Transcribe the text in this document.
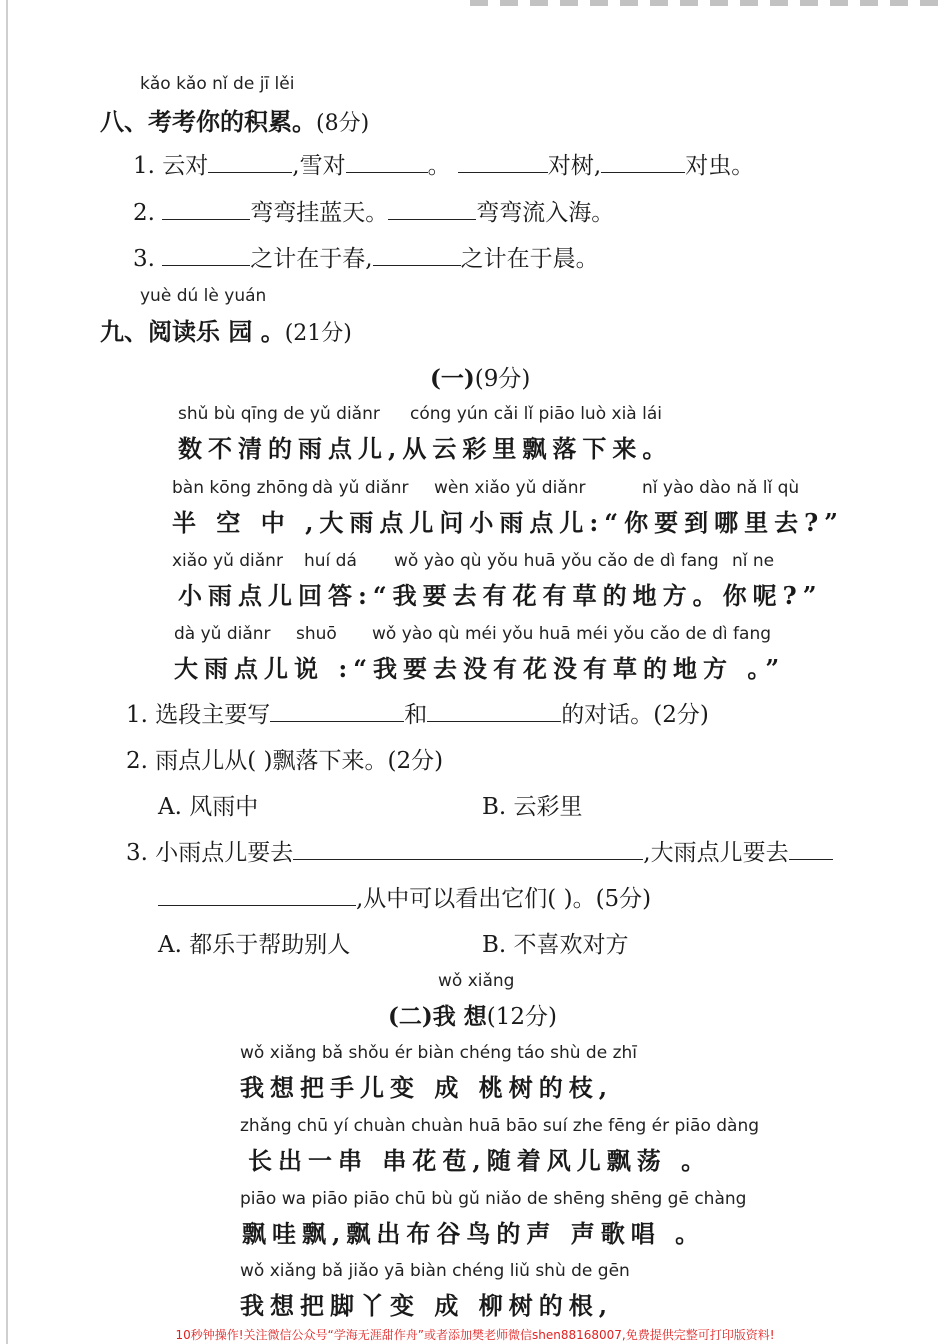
kǎo kǎo nǐ de jī lěi
八、考考你的积累。(8分)
1. 云对	,雪对	。	对树,	对虫。
2.	弯弯挂蓝天。	弯弯流入海。
3.	之计在于春,	之计在于晨。
yuè dú lè yuán
九、阅读乐 园 。(21分)
(一)(9分)
shǔ bù qīng de yǔ diǎnr cóng yún cǎi lǐ piāo luò xià lái
数不清的雨点儿,从云彩里飘落下来。
bàn kōng zhōng dà yǔ diǎnr wèn xiǎo yǔ diǎnr	nǐ yào dào nǎ lǐ qù
半 空 中 ,大雨点儿问小雨点儿:“你要到哪里去?”
xiǎo yǔ diǎnr huí dá wǒ yào qù yǒu huā yǒu cǎo de dì fang nǐ ne
小雨点儿回答:“我要去有花有草的地方。你呢?”
dà yǔ diǎnr shuō wǒ yào qù méi yǒu huā méi yǒu cǎo de dì fang
大雨点儿说 :“我要去没有花没有草的地方 。”
1. 选段主要写	和	的对话。(2分)
2. 雨点儿从( )飘落下来。(2分)
A. 风雨中	B. 云彩里
3. 小雨点儿要去	,大雨点儿要去
,从中可以看出它们( )。(5分)
A. 都乐于帮助别人	B. 不喜欢对方
wǒ xiǎng
(二)我 想(12分)
wǒ xiǎng bǎ shǒu ér biàn chéng táo shù de zhī
我想把手儿变 成 桃树的枝,
zhǎng chū yí chuàn chuàn huā bāo suí zhe fēng ér piāo dàng
长出一串 串花苞,随着风儿飘荡 。
piāo wa piāo piāo chū bù gǔ niǎo de shēng shēng gē chàng
飘哇飘,飘出布谷鸟的声 声歌唱 。
wǒ xiǎng bǎ jiǎo yā biàn chéng liǔ shù de gēn
我想把脚丫变 成 柳树的根,
10秒钟操作!关注微信公众号“学海无涯甜作舟”或者添加樊老师微信shen88168007,免费提供完整可打印版资料!
